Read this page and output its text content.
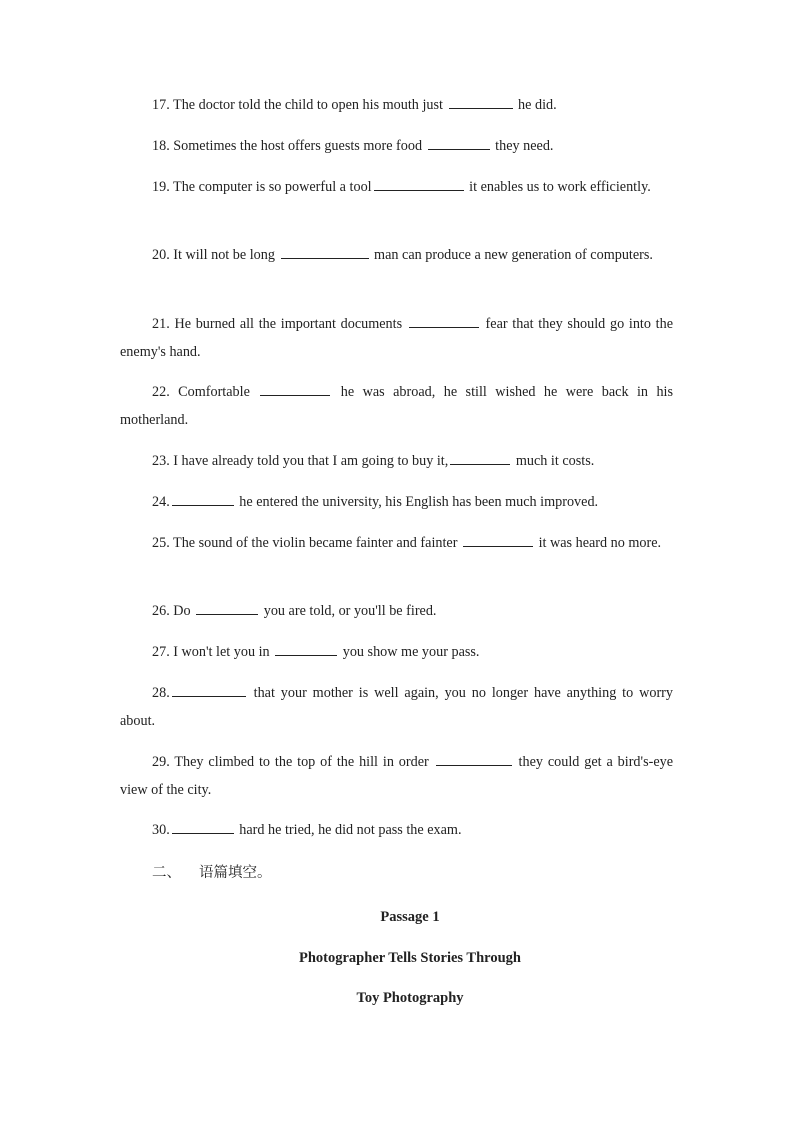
17. The doctor told the child to open his mouth just	he did.

18. Sometimes the host offers guests more food	they need.

19. The computer is so powerful a tool	it enables us to work efficiently.

20. It will not be long	man can produce a new generation of computers.

21. He burned all the important documents	fear that they should go into the enemy's hand.

22. Comfortable	he was abroad, he still wished he were back in his motherland.

23. I have already told you that I am going to buy it,	much it costs.

24.	he entered the university, his English has been much improved.

25. The sound of the violin became fainter and fainter	it was heard no more.

26. Do	you are told, or you'll be fired.

27. I won't let you in	you show me your pass.

28.	that your mother is well again, you no longer have anything to worry about.

29. They climbed to the top of the hill in order	they could get a bird's-eye view of the city.

30.	hard he tried, he did not pass the exam.

二、 语篇填空。

Passage 1

Photographer Tells Stories Through

Toy Photography
